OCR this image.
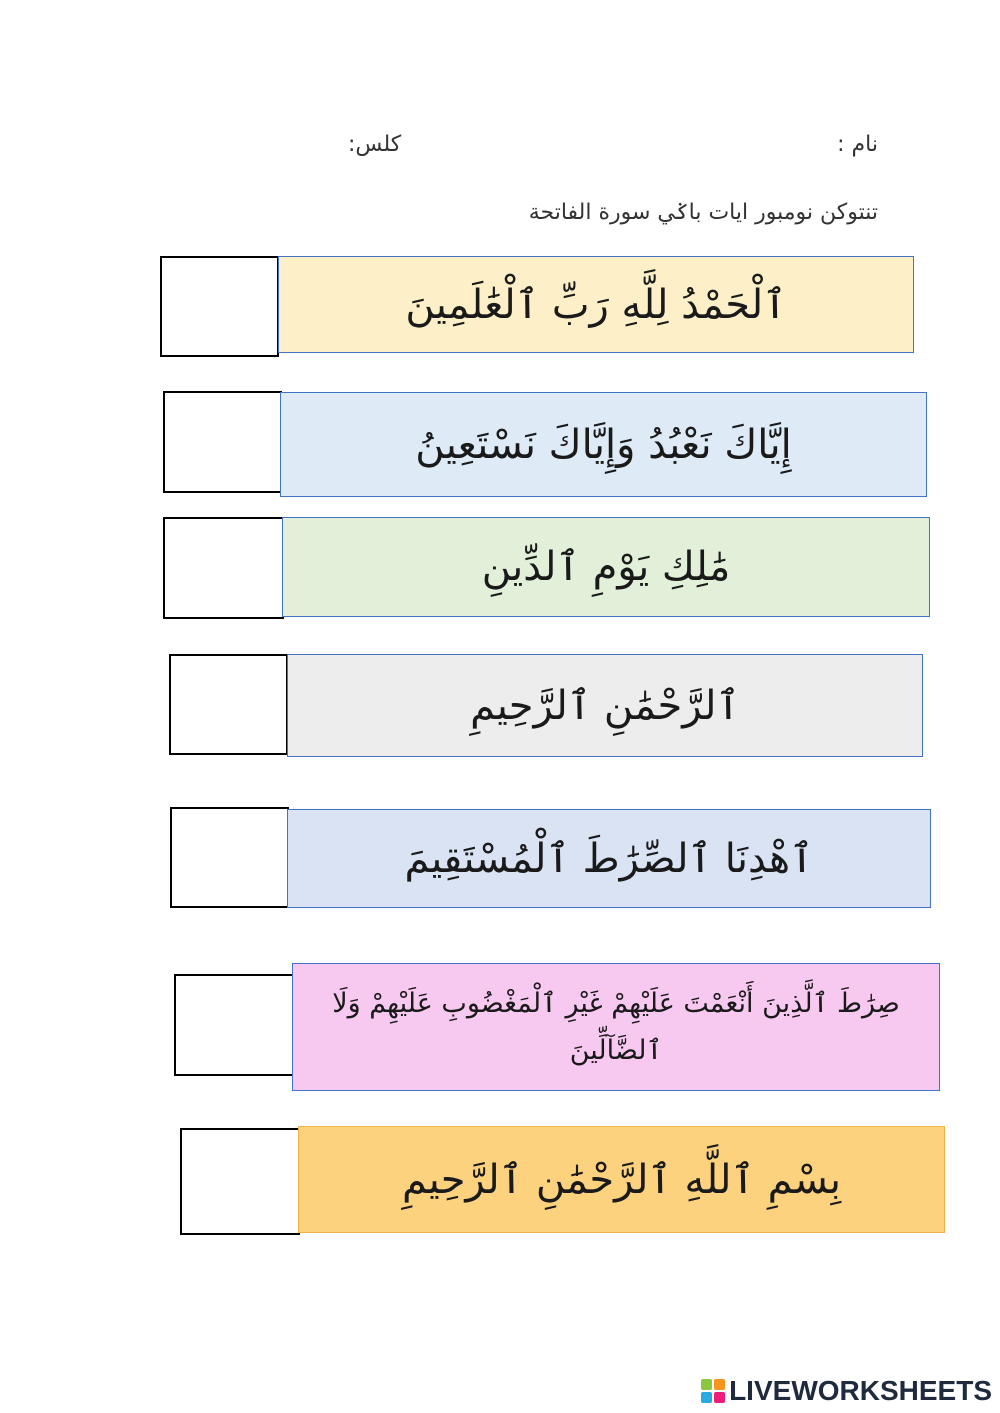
نام :
كلس:
تنتوكن نومبور ايات باݢي سورة الفاتحة
ٱلْحَمْدُ لِلَّهِ رَبِّ ٱلْعَٰلَمِينَ
إِيَّاكَ نَعْبُدُ وَإِيَّاكَ نَسْتَعِينُ
مَٰلِكِ يَوْمِ ٱلدِّينِ
ٱلرَّحْمَٰنِ ٱلرَّحِيمِ
ٱهْدِنَا ٱلصِّرَٰطَ ٱلْمُسْتَقِيمَ
صِرَٰطَ ٱلَّذِينَ أَنْعَمْتَ عَلَيْهِمْ غَيْرِ ٱلْمَغْضُوبِ عَلَيْهِمْ وَلَا ٱلضَّآلِّينَ
بِسْمِ ٱللَّهِ ٱلرَّحْمَٰنِ ٱلرَّحِيمِ
LIVEWORKSHEETS
